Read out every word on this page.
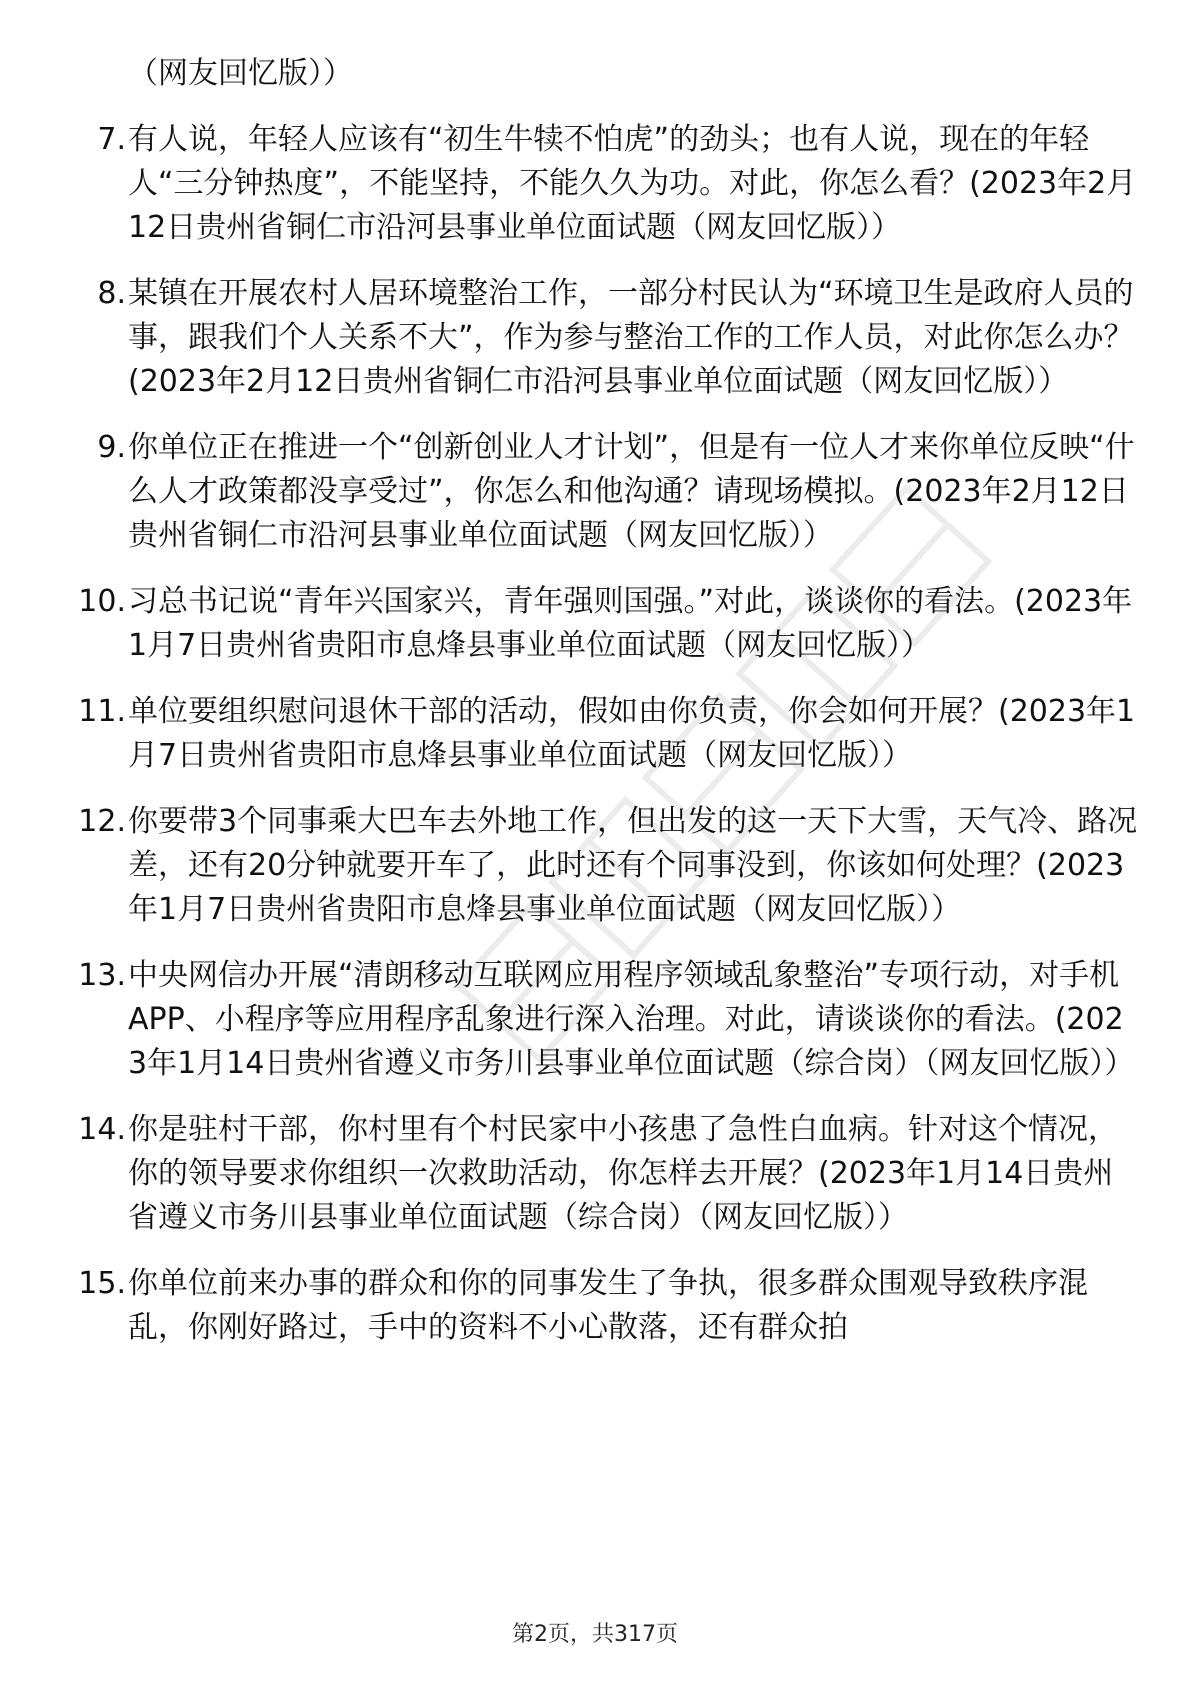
（网友回忆版））
7. 有人说，年轻人应该有“初生牛犊不怕虎”的劲头；也有人说，现在的年轻人“三分钟热度”，不能坚持，不能久久为功。对此，你怎么看？(2023年2月12日贵州省铜仁市沿河县事业单位面试题（网友回忆版））
8. 某镇在开展农村人居环境整治工作，一部分村民认为“环境卫生是政府人员的事，跟我们个人关系不大”，作为参与整治工作的工作人员，对此你怎么办？(2023年2月12日贵州省铜仁市沿河县事业单位面试题（网友回忆版））
9. 你单位正在推进一个“创新创业人才计划”，但是有一位人才来你单位反映“什么人才政策都没享受过”，你怎么和他沟通？请现场模拟。(2023年2月12日贵州省铜仁市沿河县事业单位面试题（网友回忆版））
10. 习总书记说“青年兴国家兴，青年强则国强。”对此，谈谈你的看法。(2023年1月7日贵州省贵阳市息烽县事业单位面试题（网友回忆版））
11. 单位要组织慰问退休干部的活动，假如由你负责，你会如何开展？(2023年1月7日贵州省贵阳市息烽县事业单位面试题（网友回忆版））
12. 你要带3个同事乘大巴车去外地工作，但出发的这一天下大雪，天气冷、路况差，还有20分钟就要开车了，此时还有个同事没到，你该如何处理？(2023年1月7日贵州省贵阳市息烽县事业单位面试题（网友回忆版））
13. 中央网信办开展“清朗移动互联网应用程序领域乱象整治”专项行动，对手机APP、小程序等应用程序乱象进行深入治理。对此，请谈谈你的看法。(2023年1月14日贵州省遵义市务川县事业单位面试题（综合岗）（网友回忆版））
14. 你是驻村干部，你村里有个村民家中小孩患了急性白血病。针对这个情况，你的领导要求你组织一次救助活动，你怎样去开展？(2023年1月14日贵州省遵义市务川县事业单位面试题（综合岗）（网友回忆版））
15. 你单位前来办事的群众和你的同事发生了争执，很多群众围观导致秩序混乱，你刚好路过，手中的资料不小心散落，还有群众拍
第2页，共317页
